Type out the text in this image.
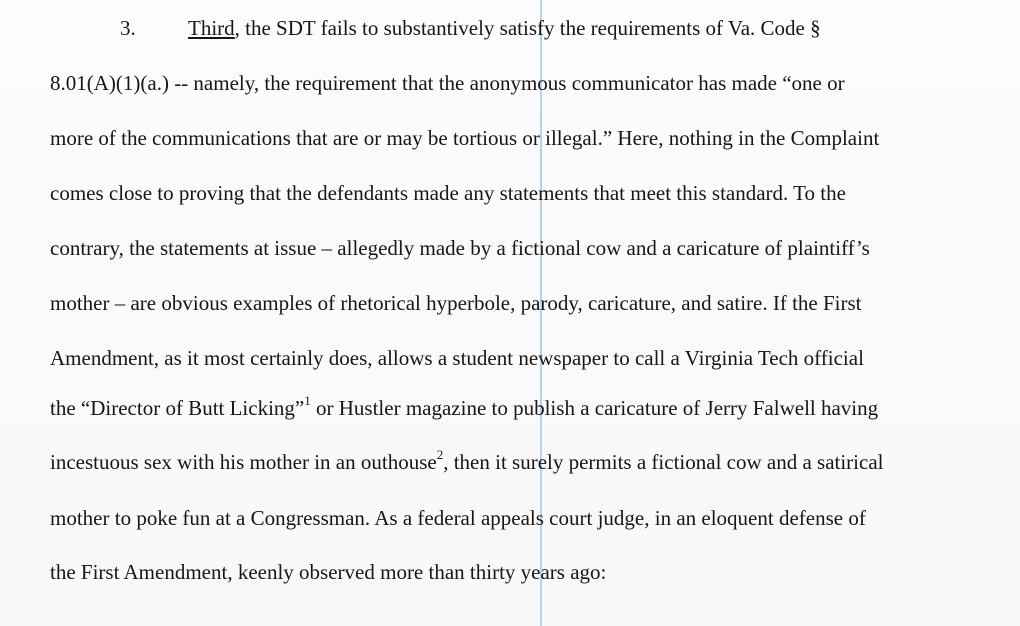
3. Third, the SDT fails to substantively satisfy the requirements of Va. Code §
8.01(A)(1)(a.) -- namely, the requirement that the anonymous communicator has made “one or
more of the communications that are or may be tortious or illegal.” Here, nothing in the Complaint
comes close to proving that the defendants made any statements that meet this standard. To the
contrary, the statements at issue – allegedly made by a fictional cow and a caricature of plaintiff’s
mother – are obvious examples of rhetorical hyperbole, parody, caricature, and satire. If the First
Amendment, as it most certainly does, allows a student newspaper to call a Virginia Tech official
the “Director of Butt Licking”$^1$ or Hustler magazine to publish a caricature of Jerry Falwell having
incestuous sex with his mother in an outhouse$^2$, then it surely permits a fictional cow and a satirical
mother to poke fun at a Congressman. As a federal appeals court judge, in an eloquent defense of
the First Amendment, keenly observed more than thirty years ago:
